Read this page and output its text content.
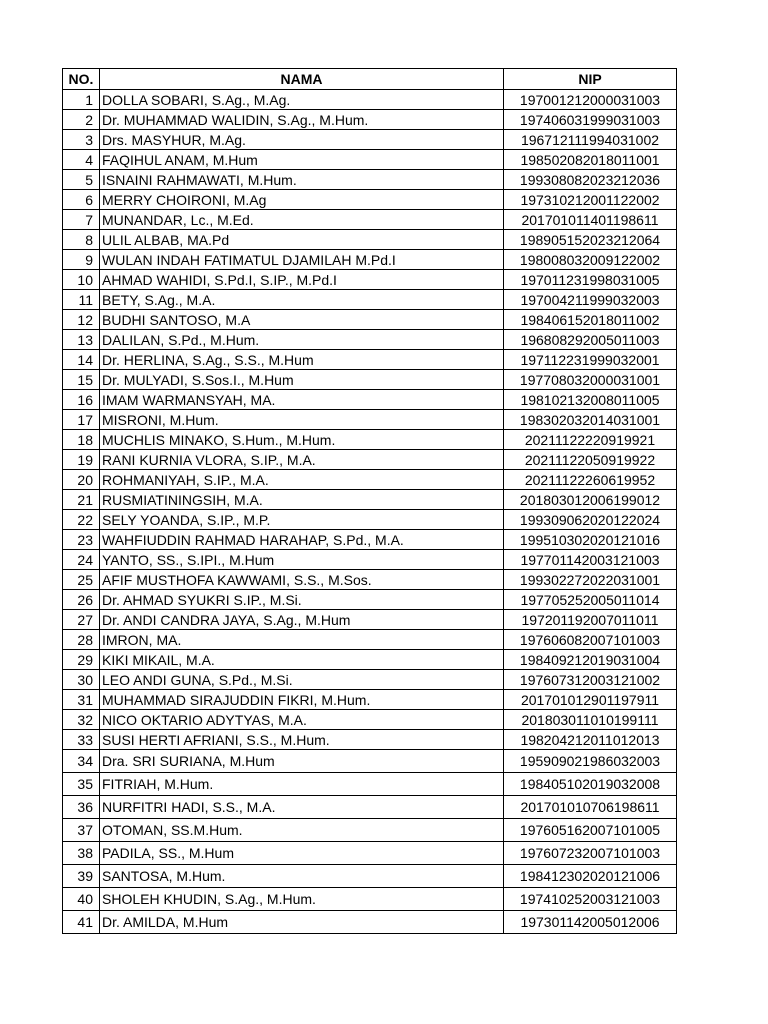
NO.	NAMA	NIP
1	DOLLA SOBARI, S.Ag., M.Ag.	197001212000031003
2	Dr. MUHAMMAD WALIDIN, S.Ag., M.Hum.	197406031999031003
3	Drs. MASYHUR, M.Ag.	196712111994031002
4	FAQIHUL ANAM, M.Hum	198502082018011001
5	ISNAINI RAHMAWATI, M.Hum.	199308082023212036
6	MERRY CHOIRONI, M.Ag	197310212001122002
7	MUNANDAR, Lc., M.Ed.	201701011401198611
8	ULIL ALBAB, MA.Pd	198905152023212064
9	WULAN INDAH FATIMATUL DJAMILAH M.Pd.I	198008032009122002
10	AHMAD WAHIDI, S.Pd.I, S.IP., M.Pd.I	197011231998031005
11	BETY, S.Ag., M.A.	197004211999032003
12	BUDHI SANTOSO, M.A	198406152018011002
13	DALILAN, S.Pd., M.Hum.	196808292005011003
14	Dr. HERLINA, S.Ag., S.S., M.Hum	197112231999032001
15	Dr. MULYADI, S.Sos.I., M.Hum	197708032000031001
16	IMAM WARMANSYAH, MA.	198102132008011005
17	MISRONI, M.Hum.	198302032014031001
18	MUCHLIS MINAKO, S.Hum., M.Hum.	20211122220919921
19	RANI KURNIA VLORA, S.IP., M.A.	20211122050919922
20	ROHMANIYAH, S.IP., M.A.	20211122260619952
21	RUSMIATININGSIH, M.A.	201803012006199012
22	SELY YOANDA, S.IP., M.P.	199309062020122024
23	WAHFIUDDIN RAHMAD HARAHAP, S.Pd., M.A.	199510302020121016
24	YANTO, SS., S.IPI., M.Hum	197701142003121003
25	AFIF MUSTHOFA KAWWAMI, S.S., M.Sos.	199302272022031001
26	Dr. AHMAD SYUKRI S.IP., M.Si.	197705252005011014
27	Dr. ANDI CANDRA JAYA, S.Ag., M.Hum	197201192007011011
28	IMRON, MA.	197606082007101003
29	KIKI MIKAIL, M.A.	198409212019031004
30	LEO ANDI GUNA, S.Pd., M.Si.	197607312003121002
31	MUHAMMAD SIRAJUDDIN FIKRI, M.Hum.	201701012901197911
32	NICO OKTARIO ADYTYAS, M.A.	201803011010199111
33	SUSI HERTI AFRIANI, S.S., M.Hum.	198204212011012013
34	Dra. SRI SURIANA, M.Hum	195909021986032003
35	FITRIAH, M.Hum.	198405102019032008
36	NURFITRI HADI, S.S., M.A.	201701010706198611
37	OTOMAN, SS.M.Hum.	197605162007101005
38	PADILA, SS., M.Hum	197607232007101003
39	SANTOSA, M.Hum.	198412302020121006
40	SHOLEH KHUDIN, S.Ag., M.Hum.	197410252003121003
41	Dr. AMILDA, M.Hum	197301142005012006
